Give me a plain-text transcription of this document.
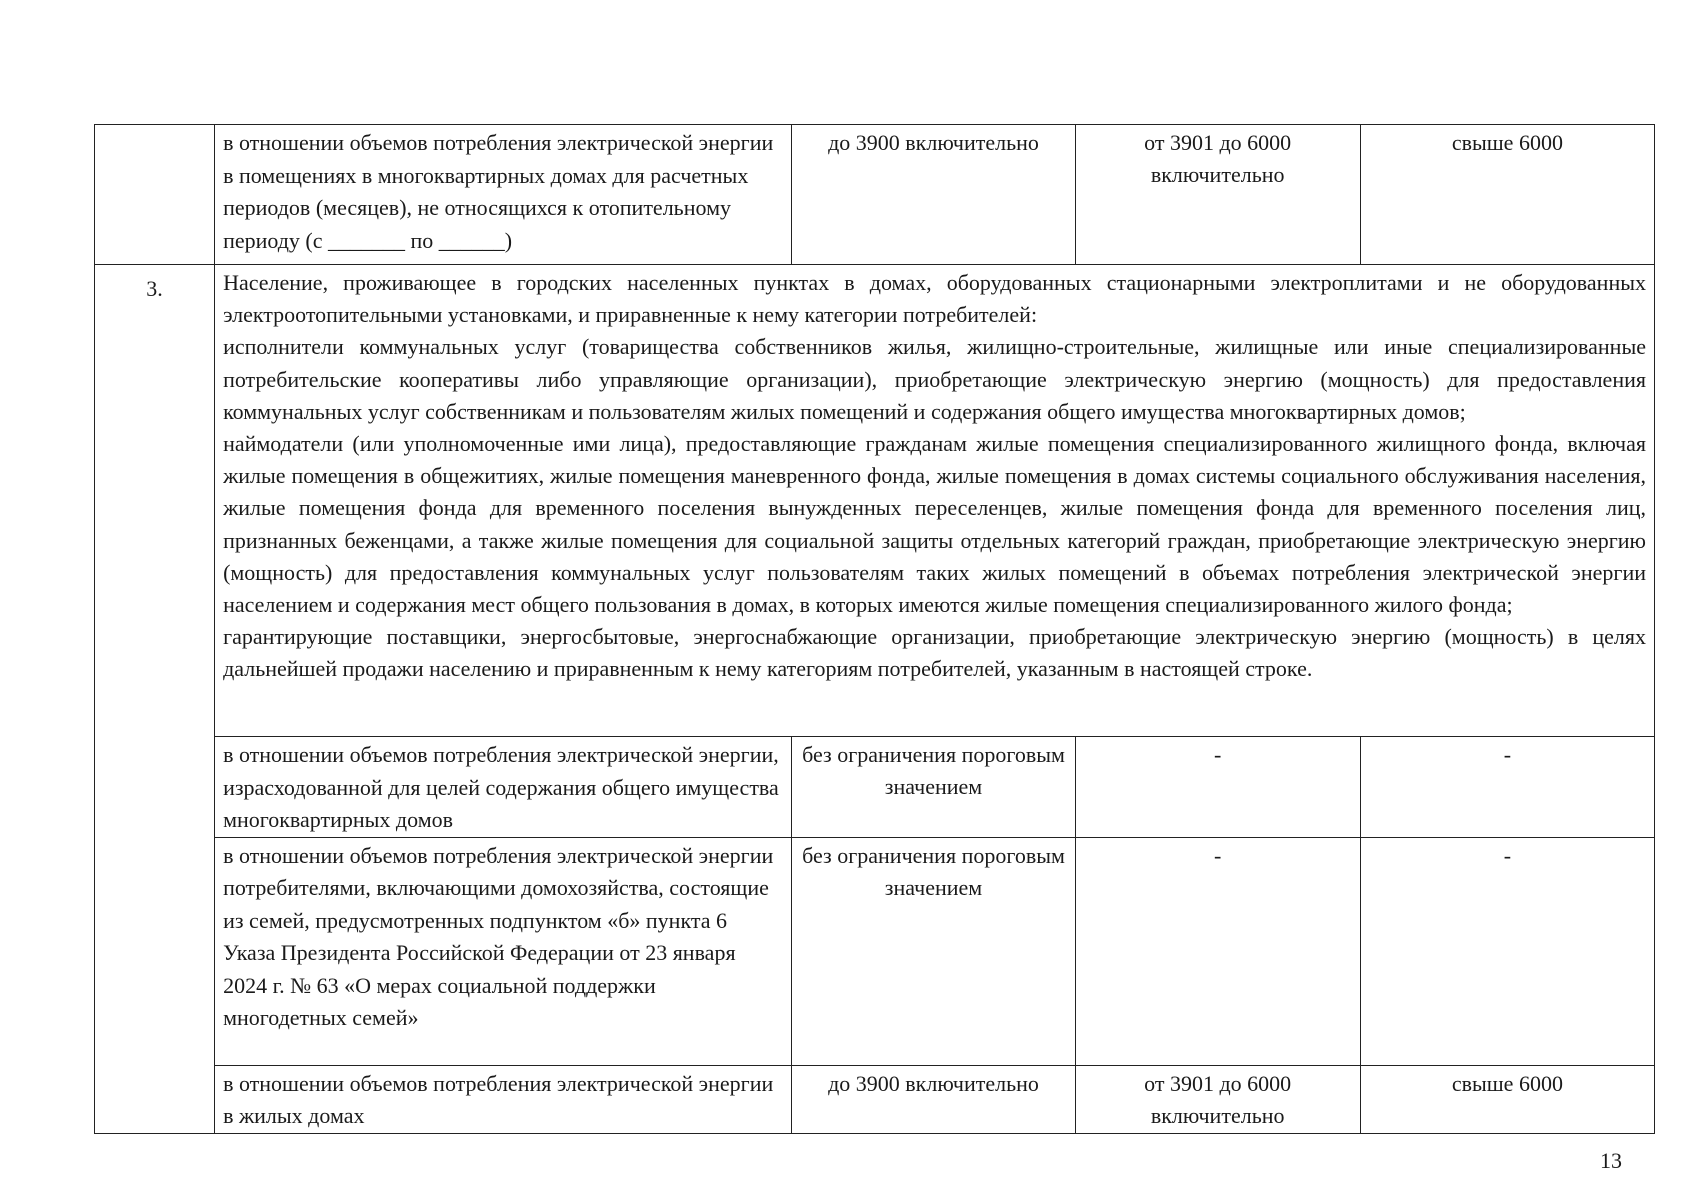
	в отношении объемов потребления электрической энергии в помещениях в многоквартирных домах для расчетных периодов (месяцев), не относящихся к отопительному периоду (с _______ по ______)	до 3900 включительно	от 3901 до 6000 включительно	свыше 6000

3.	Население, проживающее в городских населенных пунктах в домах, оборудованных стационарными электроплитами и не оборудованных электроотопительными установками, и приравненные к нему категории потребителей:

исполнители коммунальных услуг (товарищества собственников жилья, жилищно-строительные, жилищные или иные специализированные потребительские кооперативы либо управляющие организации), приобретающие электрическую энергию (мощность) для предоставления коммунальных услуг собственникам и пользователям жилых помещений и содержания общего имущества многоквартирных домов;

наймодатели (или уполномоченные ими лица), предоставляющие гражданам жилые помещения специализированного жилищного фонда, включая жилые помещения в общежитиях, жилые помещения маневренного фонда, жилые помещения в домах системы социального обслуживания населения, жилые помещения фонда для временного поселения вынужденных переселенцев, жилые помещения фонда для временного поселения лиц, признанных беженцами, а также жилые помещения для социальной защиты отдельных категорий граждан, приобретающие электрическую энергию (мощность) для предоставления коммунальных услуг пользователям таких жилых помещений в объемах потребления электрической энергии населением и содержания мест общего пользования в домах, в которых имеются жилые помещения специализированного жилого фонда;

гарантирующие поставщики, энергосбытовые, энергоснабжающие организации, приобретающие электрическую энергию (мощность) в целях дальнейшей продажи населению и приравненным к нему категориям потребителей, указанным в настоящей строке.			

	в отношении объемов потребления электрической энергии, израсходованной для целей содержания общего имущества многоквартирных домов	без ограничения пороговым значением	-	-

	в отношении объемов потребления электрической энергии потребителями, включающими домохозяйства, состоящие из семей, предусмотренных подпунктом «б» пункта 6 Указа Президента Российской Федерации от 23 января 2024 г. № 63 «О мерах социальной поддержки многодетных семей»	без ограничения пороговым значением	-	-

	в отношении объемов потребления электрической энергии в жилых домах	до 3900 включительно	от 3901 до 6000 включительно	свыше 6000
13
